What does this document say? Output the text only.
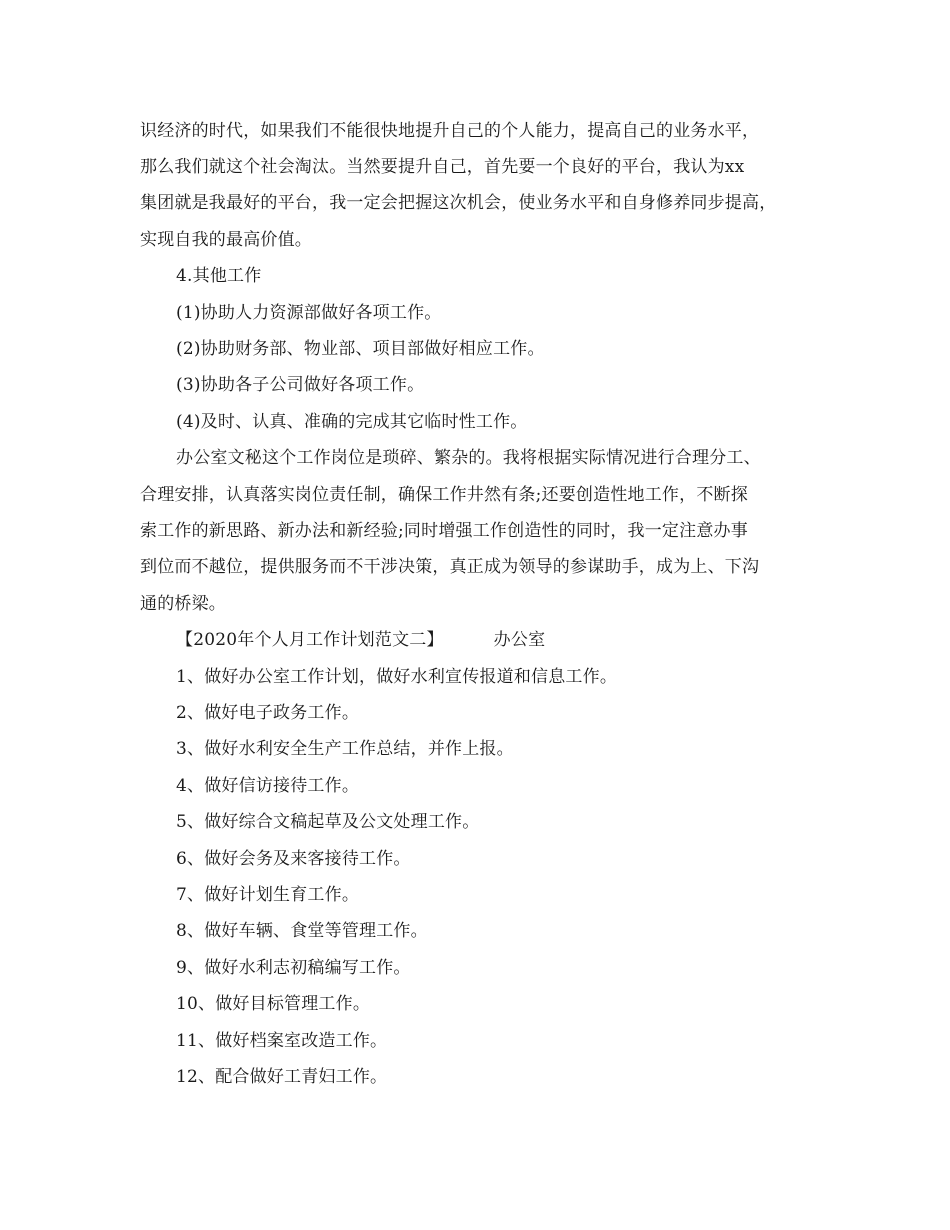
识经济的时代，如果我们不能很快地提升自己的个人能力，提高自己的业务水平，
那么我们就这个社会淘汰。当然要提升自己，首先要一个良好的平台，我认为xx
集团就是我最好的平台，我一定会把握这次机会，使业务水平和自身修养同步提高，
实现自我的最高价值。
4.其他工作
(1)协助人力资源部做好各项工作。
(2)协助财务部、物业部、项目部做好相应工作。
(3)协助各子公司做好各项工作。
(4)及时、认真、准确的完成其它临时性工作。
办公室文秘这个工作岗位是琐碎、繁杂的。我将根据实际情况进行合理分工、
合理安排，认真落实岗位责任制，确保工作井然有条;还要创造性地工作，不断探
索工作的新思路、新办法和新经验;同时增强工作创造性的同时，我一定注意办事
到位而不越位，提供服务而不干涉决策，真正成为领导的参谋助手，成为上、下沟
通的桥梁。
【2020年个人月工作计划范文二】	办公室
1、做好办公室工作计划，做好水利宣传报道和信息工作。
2、做好电子政务工作。
3、做好水利安全生产工作总结，并作上报。
4、做好信访接待工作。
5、做好综合文稿起草及公文处理工作。
6、做好会务及来客接待工作。
7、做好计划生育工作。
8、做好车辆、食堂等管理工作。
9、做好水利志初稿编写工作。
10、做好目标管理工作。
11、做好档案室改造工作。
12、配合做好工青妇工作。
